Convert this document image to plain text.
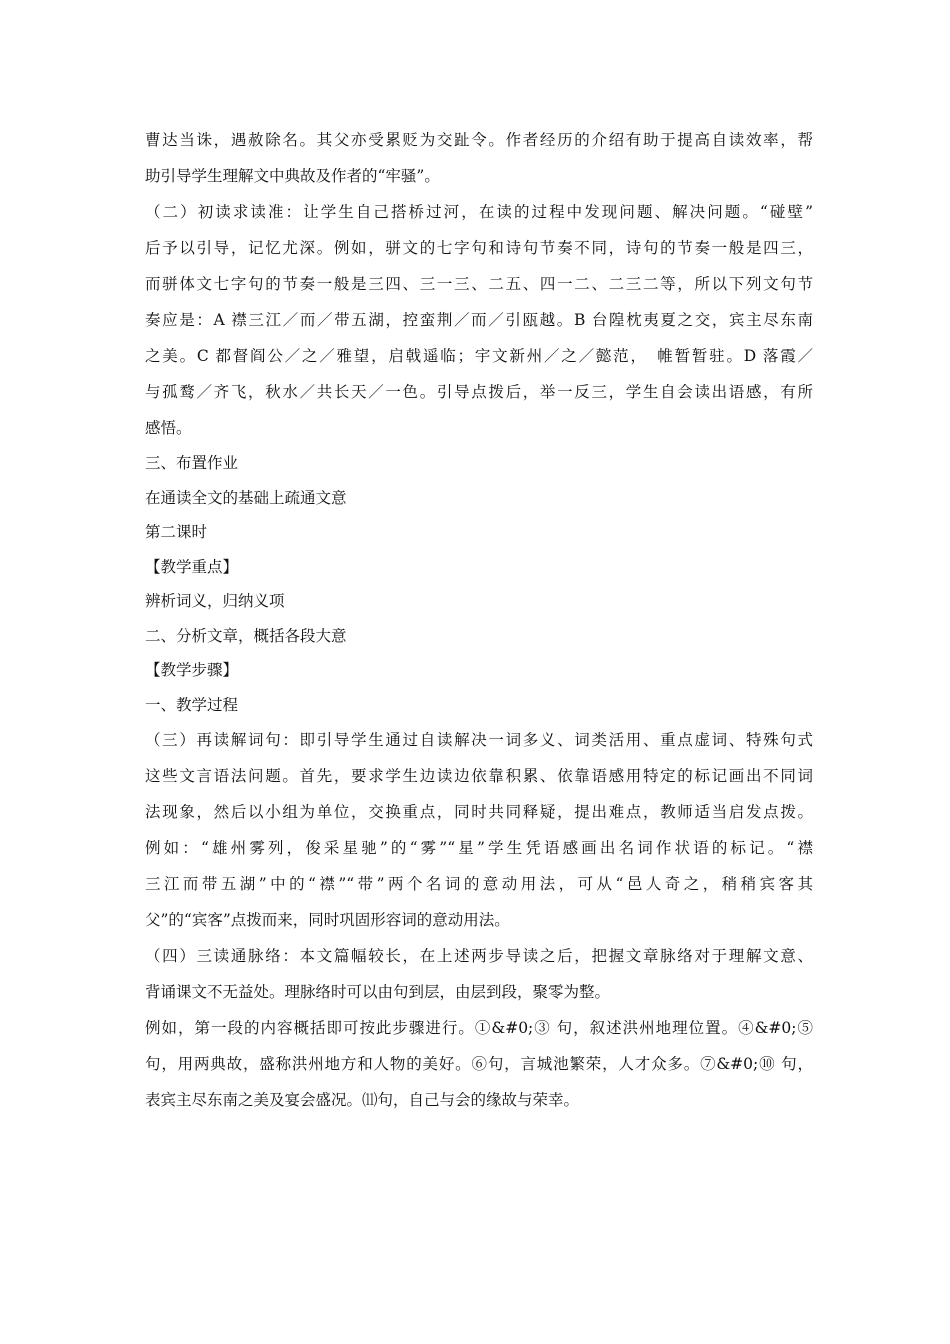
曹达当诛，遇赦除名。其父亦受累贬为交趾令。作者经历的介绍有助于提高自读效率，帮

助引导学生理解文中典故及作者的“牢骚”。

（二）初读求读准：让学生自己搭桥过河，在读的过程中发现问题、解决问题。“碰壁”

后予以引导，记忆尤深。例如，骈文的七字句和诗句节奏不同，诗句的节奏一般是四三，

而骈体文七字句的节奏一般是三四、三一三、二五、四一二、二三二等，所以下列文句节

奏应是：A 襟三江／而／带五湖，控蛮荆／而／引瓯越。B 台隍枕夷夏之交，宾主尽东南

之美。C 都督阎公／之／雅望，启戟遥临；宇文新州／之／懿范，　帷暂暂驻。D 落霞／

与孤鹜／齐飞，秋水／共长天／一色。引导点拨后，举一反三，学生自会读出语感，有所

感悟。

三、布置作业

在通读全文的基础上疏通文意

第二课时

【教学重点】

辨析词义，归纳义项

二、分析文章，概括各段大意

【教学步骤】

一、教学过程

（三）再读解词句：即引导学生通过自读解决一词多义、词类活用、重点虚词、特殊句式

这些文言语法问题。首先，要求学生边读边依靠积累、依靠语感用特定的标记画出不同词

法现象，然后以小组为单位，交换重点，同时共同释疑，提出难点，教师适当启发点拨。

例如：“雄州雾列，俊采星驰”的“雾”“星”学生凭语感画出名词作状语的标记。“襟

三江而带五湖”中的“襟”“带”两个名词的意动用法，可从“邑人奇之，稍稍宾客其

父”的“宾客”点拨而来，同时巩固形容词的意动用法。

（四）三读通脉络：本文篇幅较长，在上述两步导读之后，把握文章脉络对于理解文意、

背诵课文不无益处。理脉络时可以由句到层，由层到段，聚零为整。

例如，第一段的内容概括即可按此步骤进行。①&#0;③ 句，叙述洪州地理位置。④&#0;⑤

句，用两典故，盛称洪州地方和人物的美好。⑥句，言城池繁荣，人才众多。⑦&#0;⑩ 句，

表宾主尽东南之美及宴会盛况。⑾句，自己与会的缘故与荣幸。
